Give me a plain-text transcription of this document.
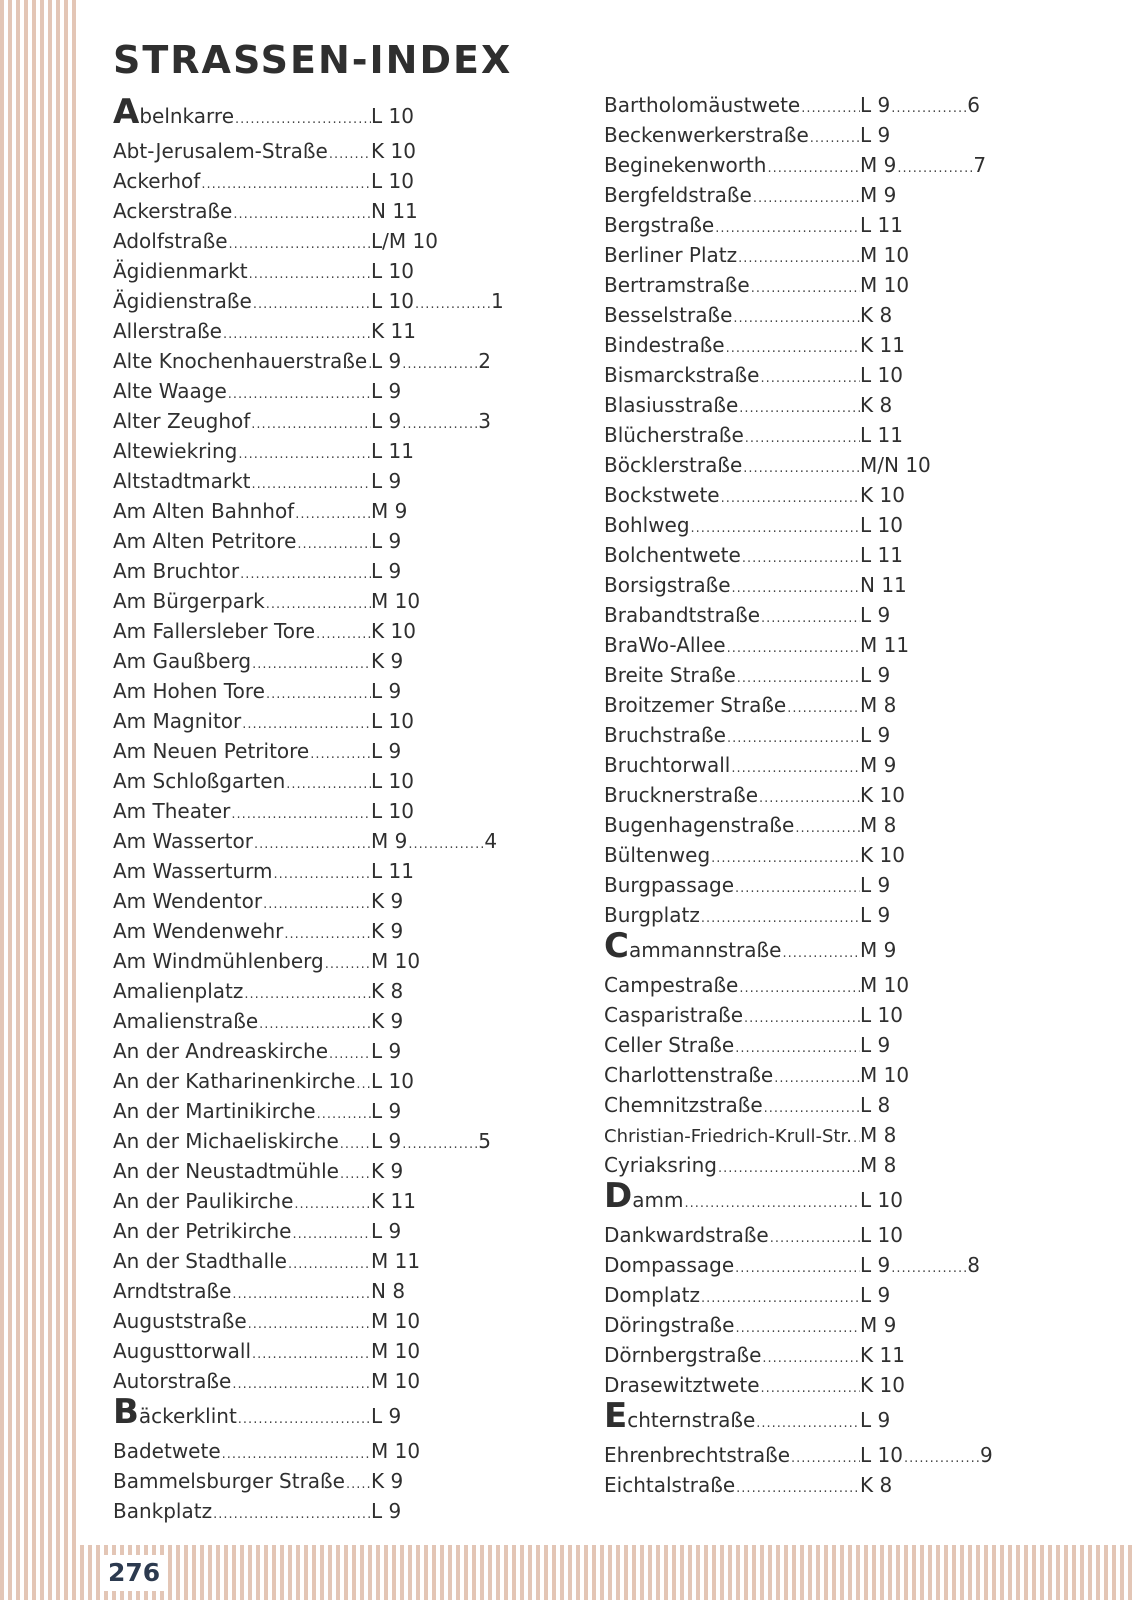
STRASSEN-INDEX
A belnkarre .....	L 10
Abt-Jerusalem-Straße ..... K 10
Ackerhof .....	L 10
Ackerstraße .....	N 11
Adolfstraße .....	L/M 10
Ägidienmarkt .....	L 10
Ägidienstraße .....	L 10 .....	1
Allerstraße .....	K 11
Alte Knochenhauerstraße ..... L 9 .....	2
Alte Waage .....	L 9
Alter Zeughof .....	L 9 .....	3
Altewiekring .....	L 11
Altstadtmarkt .....	L 9
Am Alten Bahnhof .....	M 9
Am Alten Petritore .....	L 9
Am Bruchtor .....	L 9
Am Bürgerpark .....	M 10
Am Fallersleber Tore .....	K 10
Am Gaußberg .....	K 9
Am Hohen Tore .....	L 9
Am Magnitor .....	L 10
Am Neuen Petritore .....	L 9
Am Schloßgarten .....	L 10
Am Theater .....	L 10
Am Wassertor .....	M 9 .....	4
Am Wasserturm .....	L 11
Am Wendentor .....	K 9
Am Wendenwehr .....	K 9
Am Windmühlenberg ..... M 10
Amalienplatz .....	K 8
Amalienstraße .....	K 9
An der Andreaskirche ..... L 9
An der Katharinenkirche ..... L 10
An der Martinikirche .....	L 9
An der Michaeliskirche ..... L 9 .....	5
An der Neustadtmühle ..... K 9
An der Paulikirche .....	K 11
An der Petrikirche .....	L 9
An der Stadthalle .....	M 11
Arndtstraße .....	N 8
Auguststraße .....	M 10
Augusttorwall .....	M 10
Autorstraße .....	M 10
B äckerklint .....	L 9
Badetwete .....	M 10
Bammelsburger Straße ..... K 9
Bankplatz .....	L 9
Bartholomäustwete .....	L 9 .....	6
Beckenwerkerstraße .....	L 9
Beginekenworth .....	M 9 .....	7
Bergfeldstraße .....	M 9
Bergstraße .....	L 11
Berliner Platz .....	M 10
Bertramstraße .....	M 10
Besselstraße .....	K 8
Bindestraße .....	K 11
Bismarckstraße .....	L 10
Blasiusstraße .....	K 8
Blücherstraße .....	L 11
Böcklerstraße .....	M/N 10
Bockstwete .....	K 10
Bohlweg .....	L 10
Bolchentwete .....	L 11
Borsigstraße .....	N 11
Brabandtstraße .....	L 9
BraWo-Allee .....	M 11
Breite Straße .....	L 9
Broitzemer Straße .....	M 8
Bruchstraße .....	L 9
Bruchtorwall .....	M 9
Brucknerstraße .....	K 10
Bugenhagenstraße .....	M 8
Bültenweg .....	K 10
Burgpassage .....	L 9
Burgplatz .....	L 9
C ammannstraße .....	M 9
Campestraße .....	M 10
Casparistraße .....	L 10
Celler Straße .....	L 9
Charlottenstraße .....	M 10
Chemnitzstraße .....	L 8
Christian-Friedrich-Krull-Str. ..... M 8
Cyriaksring .....	M 8
D amm .....	L 10
Dankwardstraße .....	L 10
Dompassage .....	L 9 .....	8
Domplatz .....	L 9
Döringstraße .....	M 9
Dörnbergstraße .....	K 11
Drasewitztwete .....	K 10
E chternstraße .....	L 9
Ehrenbrechtstraße .....	L 10 .....	9
Eichtalstraße .....	K 8
276
